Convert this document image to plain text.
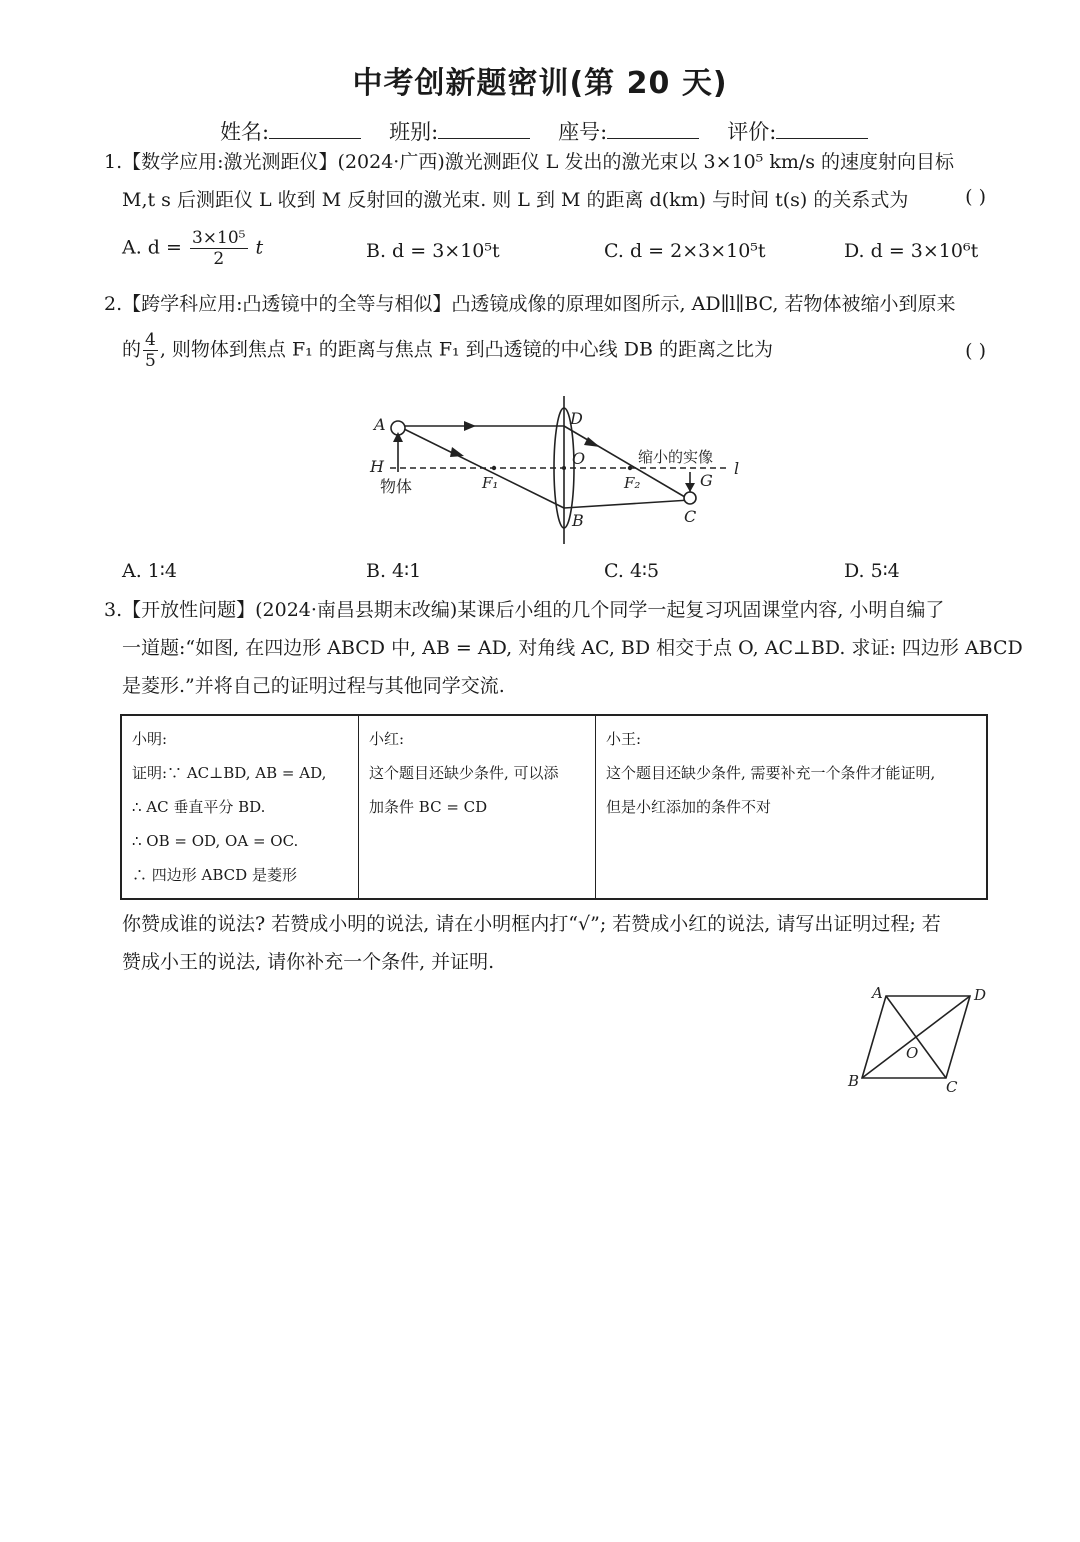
中考创新题密训(第 20 天)
姓名:	班别:	座号:	评价:
1.【数学应用:激光测距仪】(2024·广西)激光测距仪 L 发出的激光束以 3×10⁵ km/s 的速度射向目标
M,t s 后测距仪 L 收到 M 反射回的激光束. 则 L 到 M 的距离 d(km) 与时间 t(s) 的关系式为	( )
A. $d = \frac{\text{3×10⁵}}{2}$ t	B. d = 3×10⁵t	C. d = 2×3×10⁵t	D. d = 3×10⁶t
2.【跨学科应用:凸透镜中的全等与相似】凸透镜成像的原理如图所示, AD∥l∥BC, 若物体被缩小到原来
的 $\frac{4}{5}$ , 则物体到焦点 F₁ 的距离与焦点 F₁ 到凸透镜的中心线 DB 的距离之比为	( )
A
H
物体	F₁
D
O
B
F₂
缩小的实像
G
C
l
A. 1∶4	B. 4∶1	C. 4∶5	D. 5∶4
3.【开放性问题】(2024·南昌县期末改编)某课后小组的几个同学一起复习巩固课堂内容, 小明自编了
一道题:“如图, 在四边形 ABCD 中, AB = AD, 对角线 AC, BD 相交于点 O, AC⊥BD. 求证: 四边形 ABCD
是菱形.”并将自己的证明过程与其他同学交流.
小明:
证明:∵ AC⊥BD, AB = AD,
∴ AC 垂直平分 BD.
∴ OB = OD, OA = OC.
∴ 四边形 ABCD 是菱形

小红:
这个题目还缺少条件, 可以添
加条件 BC = CD

小王:
这个题目还缺少条件, 需要补充一个条件才能证明,
但是小红添加的条件不对
你赞成谁的说法? 若赞成小明的说法, 请在小明框内打“√”; 若赞成小红的说法, 请写出证明过程; 若
赞成小王的说法, 请你补充一个条件, 并证明.
A	D
B	C
O
